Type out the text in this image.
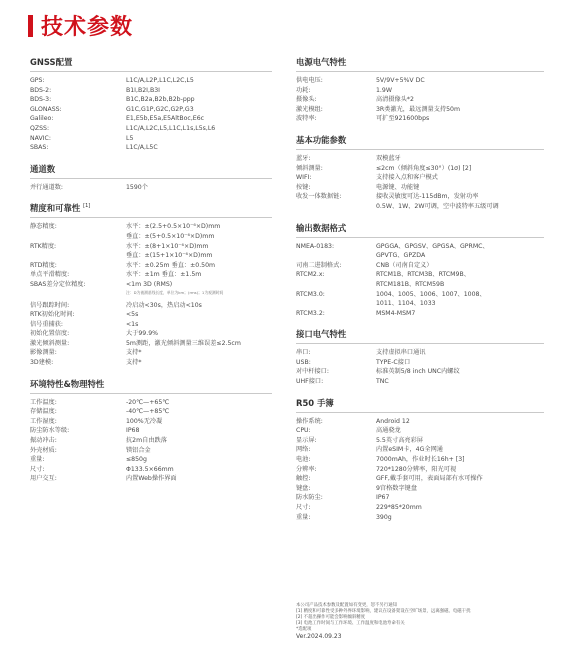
技术参数
GNSS配置
GPS:	L1C/A,L2P,L1C,L2C,L5
BDS-2:	B1I,B2I,B3I
BDS-3:	B1C,B2a,B2b,B2b-ppp
GLONASS:	G1C,G1P,G2C,G2P,G3
Galileo:	E1,E5b,E5a,E5AltBoc,E6c
QZSS:	L1C/A,L2C,L5,L1C,L1s,L5s,L6
NAVIC:	L5
SBAS:	L1C/A,L5C
通道数
并行通道数:	1590个
精度和可靠性 [1]
静态精度:	水平：±(2.5+0.5×10⁻⁶×D)mm
垂直：±(5+0.5×10⁻⁶×D)mm
RTK精度:	水平：±(8+1×10⁻⁶×D)mm
垂直：±(15+1×10⁻⁶×D)mm
RTD精度:	水平：±0.25m 垂直：±0.50m
单点平滑精度:	水平：±1m 垂直：±1.5m
SBAS差分定位精度:	<1m 3D (RMS)
注：D为被测基线长度，单位为km；(rms)；1为观测时间
信号跟踪时间:	冷启动<30s，热启动<10s
RTK初始化时间:	<5s
信号重捕获:	<1s
初始化置信度:	大于99.9%
激光倾斜测量:	5m测距，激光倾斜测量三维误差≤2.5cm
影像测量:	支持*
3D建模:	支持*
环境特性&物理特性
工作温度:	-20℃—+65℃
存储温度:	-40℃—+85℃
工作湿度:	100%无冷凝
防尘防水等级:	IP68
振动冲击:	抗2m自由跌落
外壳材质:	镁铝合金
重量:	≤850g
尺寸:	Φ133.5×66mm
用户交互:	内置Web操作界面
电源电气特性
供电电压:	5V/9V+5%V DC
功耗:	1.9W
摄像头:	高清摄像头*2
激光模组:	3R类激光，最远测量支持50m
波特率:	可扩至921600bps
基本功能参数
蓝牙:	双模蓝牙
倾斜测量:	≤2cm（倾斜角度≤30°）(1σ) [2]
WIFI:	支持接入点和客户模式
按键:	电源键、功能键
收发一体数据链:	接收灵敏度可达-115dBm，发射功率
0.5W、1W、2W可调，空中波特率五级可调
输出数据格式
NMEA-0183:	GPGGA、GPGSV、GPGSA、GPRMC、
GPVTG、GPZDA
司南二进制格式:	CNB（司南自定义）
RTCM2.x:	RTCM1B、RTCM3B、RTCM9B、
RTCM181B、RTCM59B
RTCM3.0:	1004、1005、1006、1007、1008、
1011、1104、1033
RTCM3.2:	MSM4-MSM7
接口电气特性
串口:	支持虚拟串口通讯
USB:	TYPE-C接口
对中杆接口:	标准英制5/8 inch UNC内螺纹
UHF接口:	TNC
R50 手簿
操作系统:	Android 12
CPU:	高通骁龙
显示屏:	5.5英寸高亮彩屏
网络:	内置eSIM卡，4G全网通
电池:	7000mAh，作业时长16h+ [3]
分辨率:	720*1280分辨率，阳光可视
触控:	GFF,戴手套可用，表面局部有水可操作
键盘:	9宫格数字键盘
防水防尘:	IP67
尺寸:	229*85*20mm
重量:	390g
本公司产品技术参数及配置如有变更，恕不另行通知
[1] 精度和可靠性受多种外界环境影响，建议在设备架设在空旷场景，远离强磁、电磁干扰
[2] 不超出操作可能会影响倾斜精度
[3] 电池工作时间与工作环境、工作温度和电池寿命有关
*选配项
Ver.2024.09.23
